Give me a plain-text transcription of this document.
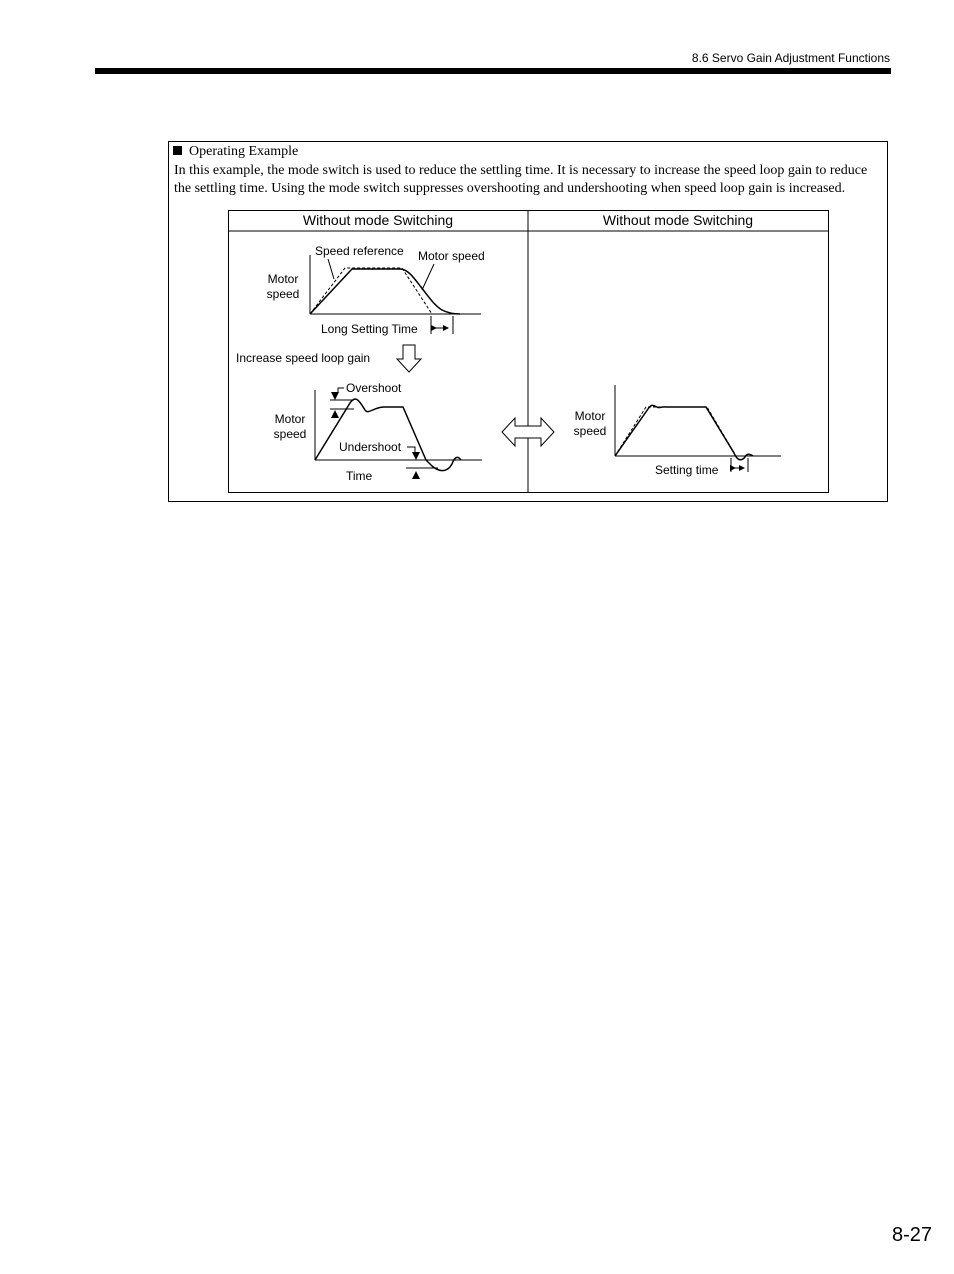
8.6 Servo Gain Adjustment Functions
Operating Example
In this example, the mode switch is used to reduce the settling time. It is necessary to increase the speed loop gain to reduce the settling time. Using the mode switch suppresses overshooting and undershooting when speed loop gain is increased.
Without mode Switching	Without mode Switching
Speed reference Motor speed
Motor
speed
Long Setting Time
Increase speed loop gain
Overshoot
Motor
speed
Undershoot
Time
Motor
speed
Setting time
8-27
